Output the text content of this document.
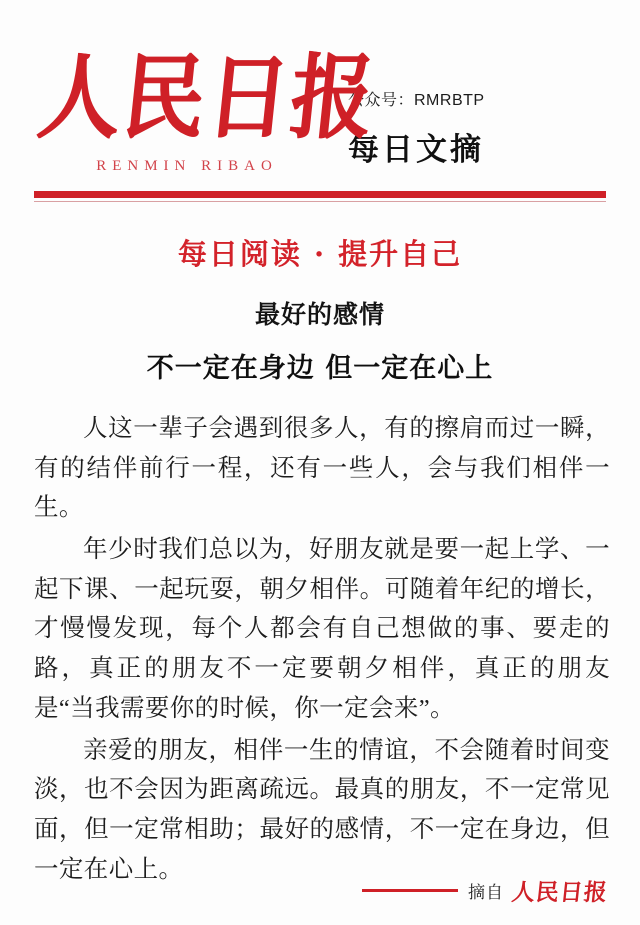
人民日报
RENMIN RIBAO
公众号：RMRBTP
每日文摘
每日阅读 · 提升自己
最好的感情
不一定在身边 但一定在心上

人这一辈子会遇到很多人，有的擦肩而过一瞬，有的结伴前行一程，还有一些人，会与我们相伴一生。

年少时我们总以为，好朋友就是要一起上学、一起下课、一起玩耍，朝夕相伴。可随着年纪的增长，才慢慢发现，每个人都会有自己想做的事、要走的路，真正的朋友不一定要朝夕相伴，真正的朋友是“当我需要你的时候，你一定会来”。

亲爱的朋友，相伴一生的情谊，不会随着时间变淡，也不会因为距离疏远。最真的朋友，不一定常见面，但一定常相助；最好的感情，不一定在身边，但一定在心上。

摘自 人民日报
